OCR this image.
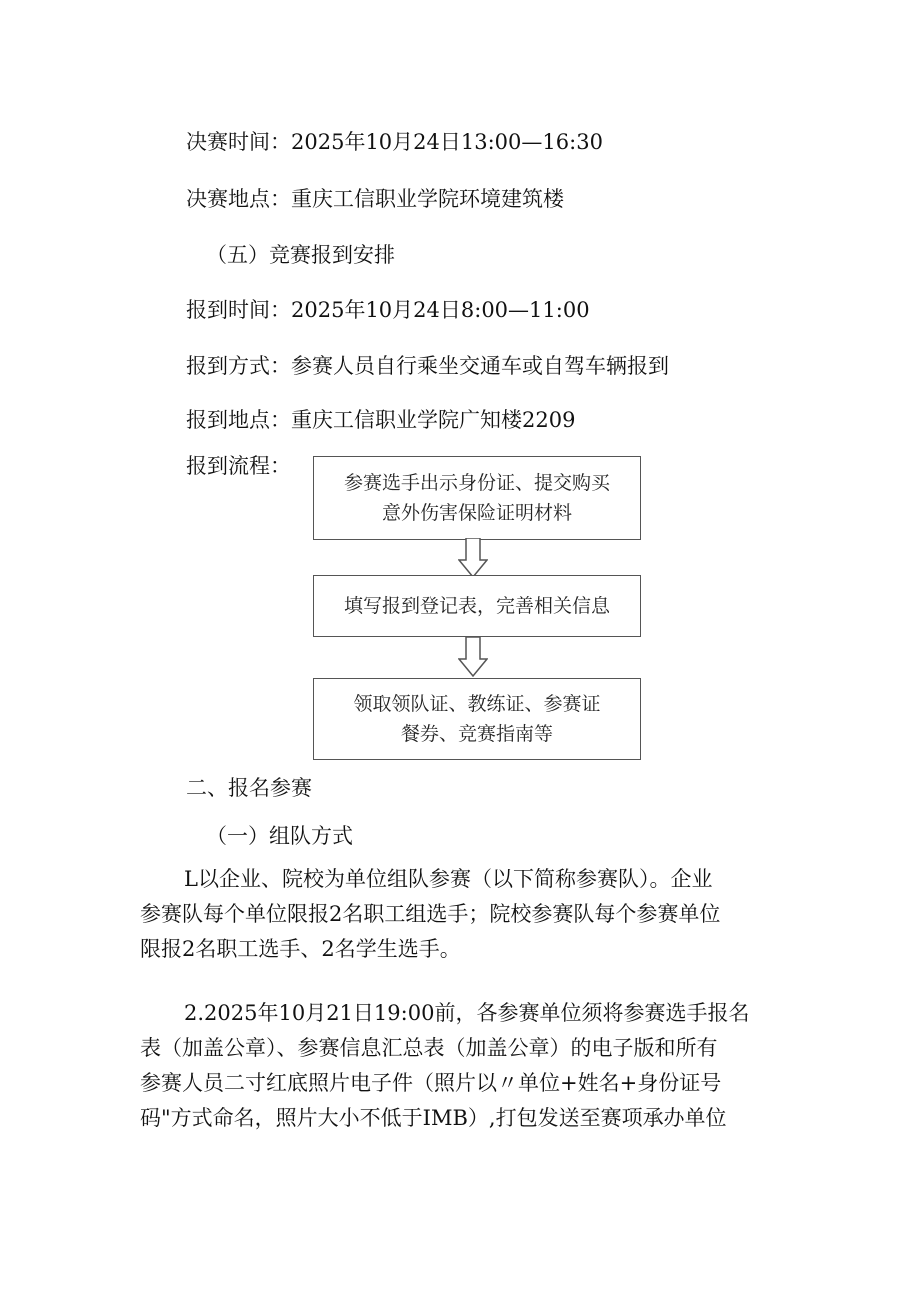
决赛时间：2025年10月24日13:00—16:30
决赛地点：重庆工信职业学院环境建筑楼
（五）竞赛报到安排
报到时间：2025年10月24日8:00—11:00
报到方式：参赛人员自行乘坐交通车或自驾车辆报到
报到地点：重庆工信职业学院广知楼2209
报到流程：
参赛选手出示身份证、提交购买
意外伤害保险证明材料
填写报到登记表，完善相关信息
领取领队证、教练证、参赛证
餐券、竞赛指南等
二、报名参赛
（一）组队方式
L以企业、院校为单位组队参赛（以下简称参赛队）。企业
参赛队每个单位限报2名职工组选手；院校参赛队每个参赛单位
限报2名职工选手、2名学生选手。
2.2025年10月21日19:00前，各参赛单位须将参赛选手报名
表（加盖公章）、参赛信息汇总表（加盖公章）的电子版和所有
参赛人员二寸红底照片电子件（照片以〃单位+姓名+身份证号
码"方式命名，照片大小不低于IMB）,打包发送至赛项承办单位
